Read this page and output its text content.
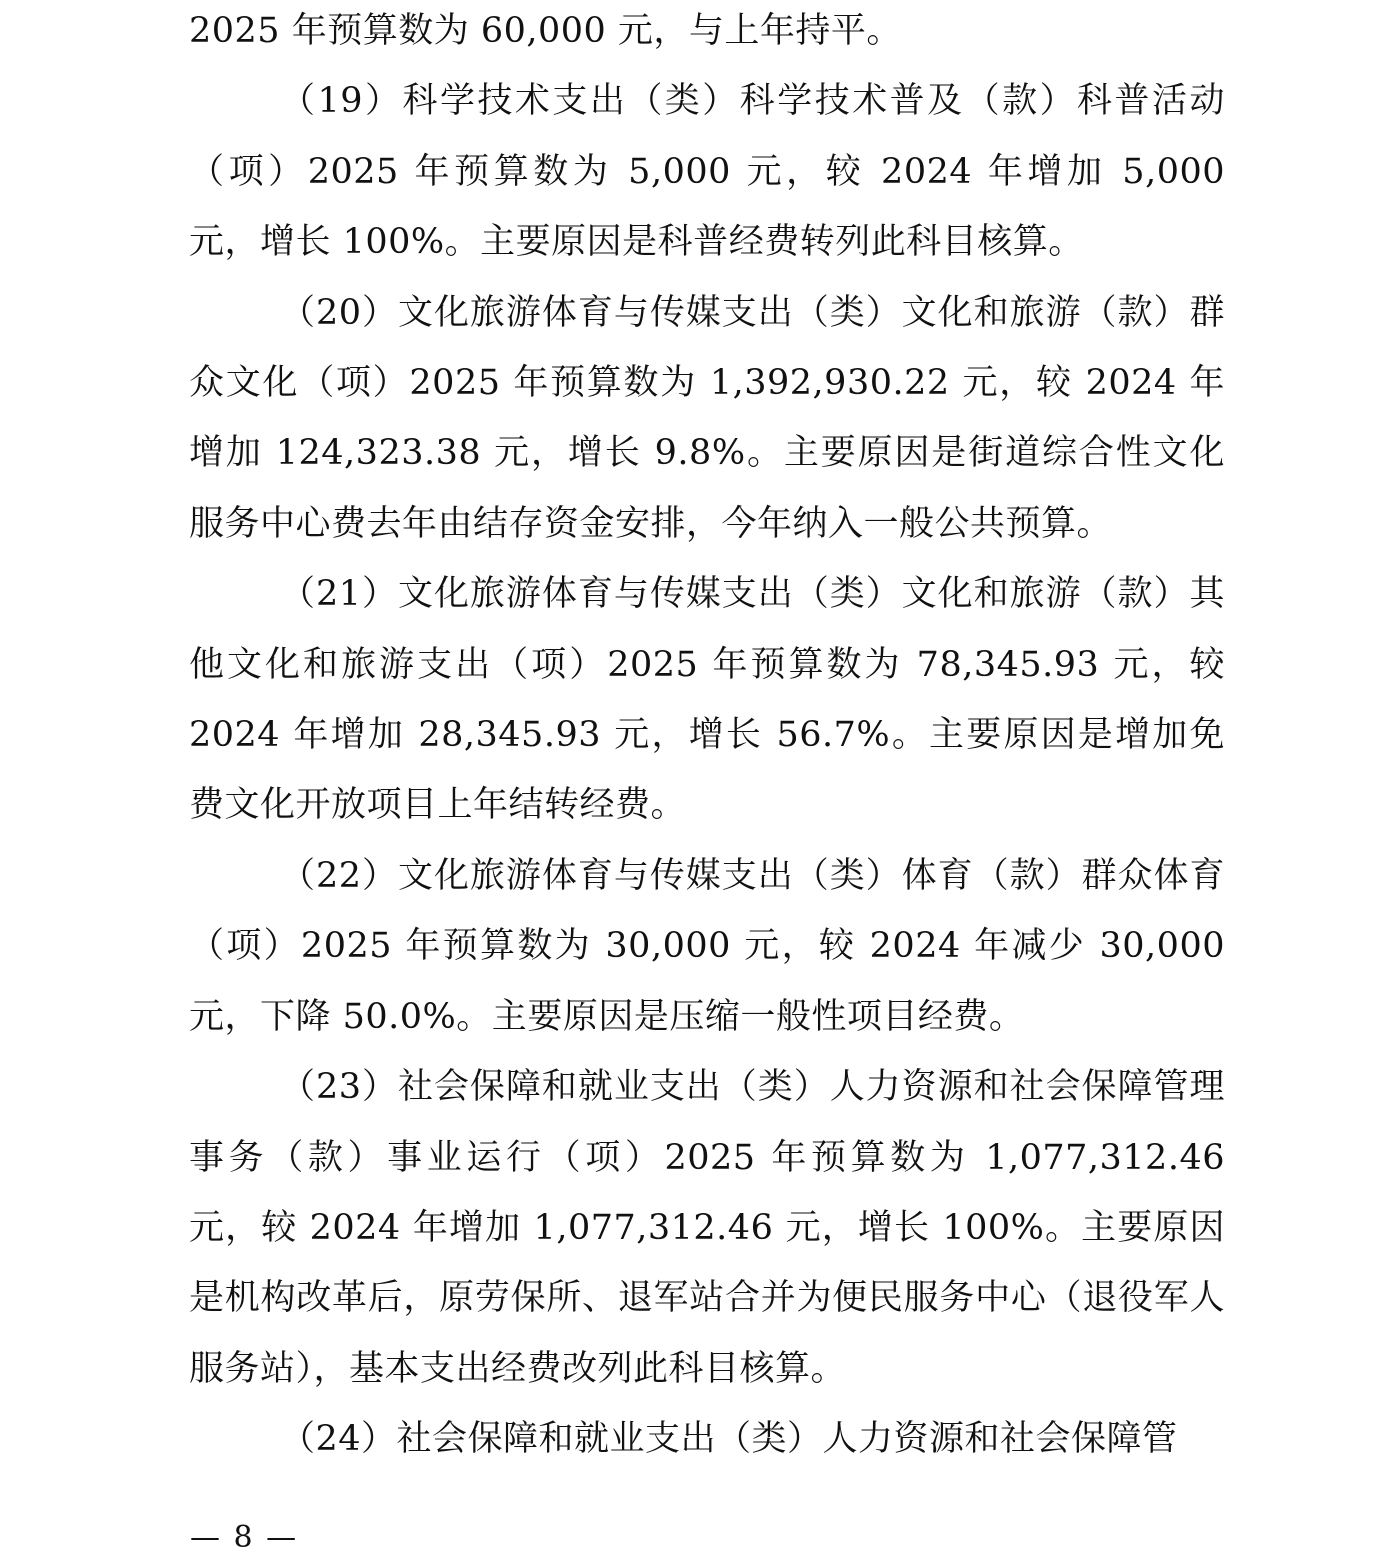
2025 年预算数为 60,000 元，与上年持平。

（19）科学技术支出（类）科学技术普及（款）科普活动（项）2025 年预算数为 5,000 元，较 2024 年增加 5,000 元，增长 100%。主要原因是科普经费转列此科目核算。

（20）文化旅游体育与传媒支出（类）文化和旅游（款）群众文化（项）2025 年预算数为 1,392,930.22 元，较 2024 年增加 124,323.38 元，增长 9.8%。主要原因是街道综合性文化服务中心费去年由结存资金安排，今年纳入一般公共预算。

（21）文化旅游体育与传媒支出（类）文化和旅游（款）其他文化和旅游支出（项）2025 年预算数为 78,345.93 元，较 2024 年增加 28,345.93 元，增长 56.7%。主要原因是增加免费文化开放项目上年结转经费。

（22）文化旅游体育与传媒支出（类）体育（款）群众体育（项）2025 年预算数为 30,000 元，较 2024 年减少 30,000 元，下降 50.0%。主要原因是压缩一般性项目经费。

（23）社会保障和就业支出（类）人力资源和社会保障管理事务（款）事业运行（项）2025 年预算数为 1,077,312.46 元，较 2024 年增加 1,077,312.46 元，增长 100%。主要原因是机构改革后，原劳保所、退军站合并为便民服务中心（退役军人服务站），基本支出经费改列此科目核算。

（24）社会保障和就业支出（类）人力资源和社会保障管

— 8 —
